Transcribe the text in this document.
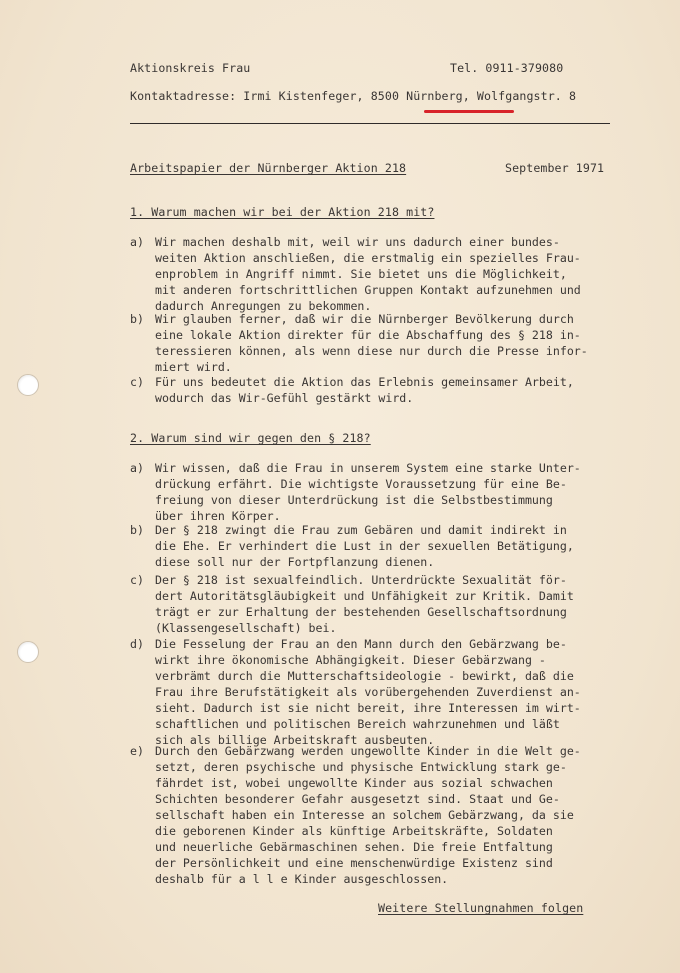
Aktionskreis Frau	Tel. 0911-379080
Kontaktadresse: Irmi Kistenfeger, 8500 Nürnberg, Wolfgangstr. 8
Arbeitspapier der Nürnberger Aktion 218	September 1971
1. Warum machen wir bei der Aktion 218 mit?
a) Wir machen deshalb mit, weil wir uns dadurch einer bundes-
weiten Aktion anschließen, die erstmalig ein spezielles Frau-
enproblem in Angriff nimmt. Sie bietet uns die Möglichkeit,
mit anderen fortschrittlichen Gruppen Kontakt aufzunehmen und
dadurch Anregungen zu bekommen.
b) Wir glauben ferner, daß wir die Nürnberger Bevölkerung durch
eine lokale Aktion direkter für die Abschaffung des § 218 in-
teressieren können, als wenn diese nur durch die Presse infor-
miert wird.
c) Für uns bedeutet die Aktion das Erlebnis gemeinsamer Arbeit,
wodurch das Wir-Gefühl gestärkt wird.
2. Warum sind wir gegen den § 218?
a) Wir wissen, daß die Frau in unserem System eine starke Unter-
drückung erfährt. Die wichtigste Voraussetzung für eine Be-
freiung von dieser Unterdrückung ist die Selbstbestimmung
über ihren Körper.
b) Der § 218 zwingt die Frau zum Gebären und damit indirekt in
die Ehe. Er verhindert die Lust in der sexuellen Betätigung,
diese soll nur der Fortpflanzung dienen.
c) Der § 218 ist sexualfeindlich. Unterdrückte Sexualität för-
dert Autoritätsgläubigkeit und Unfähigkeit zur Kritik. Damit
trägt er zur Erhaltung der bestehenden Gesellschaftsordnung
(Klassengesellschaft) bei.
d) Die Fesselung der Frau an den Mann durch den Gebärzwang be-
wirkt ihre ökonomische Abhängigkeit. Dieser Gebärzwang -
verbrämt durch die Mutterschaftsideologie - bewirkt, daß die
Frau ihre Berufstätigkeit als vorübergehenden Zuverdienst an-
sieht. Dadurch ist sie nicht bereit, ihre Interessen im wirt-
schaftlichen und politischen Bereich wahrzunehmen und läßt
sich als billige Arbeitskraft ausbeuten.
e) Durch den Gebärzwang werden ungewollte Kinder in die Welt ge-
setzt, deren psychische und physische Entwicklung stark ge-
fährdet ist, wobei ungewollte Kinder aus sozial schwachen
Schichten besonderer Gefahr ausgesetzt sind. Staat und Ge-
sellschaft haben ein Interesse an solchem Gebärzwang, da sie
die geborenen Kinder als künftige Arbeitskräfte, Soldaten
und neuerliche Gebärmaschinen sehen. Die freie Entfaltung
der Persönlichkeit und eine menschenwürdige Existenz sind
deshalb für a l l e Kinder ausgeschlossen.
Weitere Stellungnahmen folgen
